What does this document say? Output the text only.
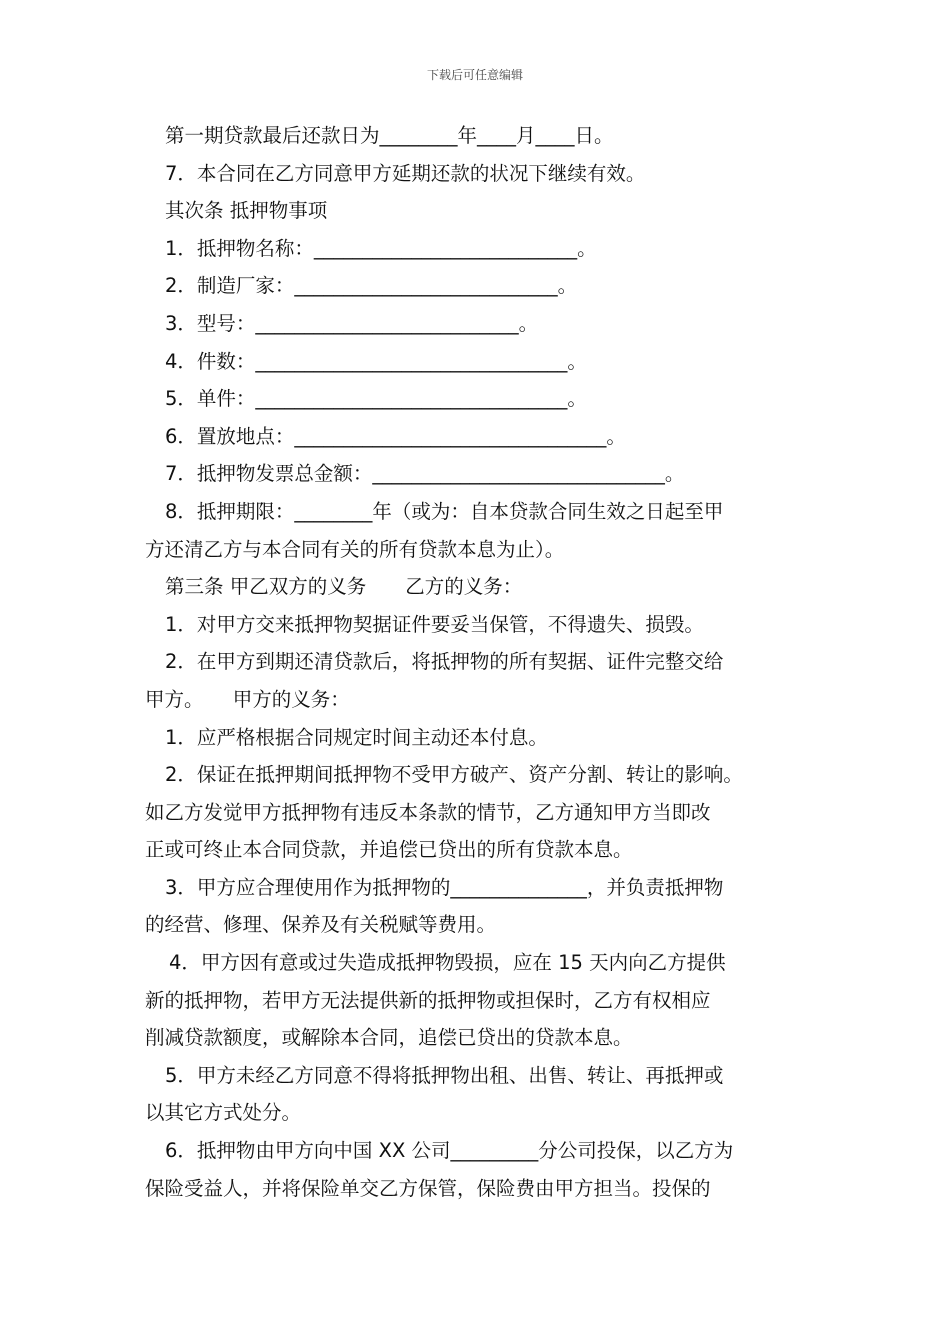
下载后可任意编辑
第一期贷款最后还款日为________年____月____日。
7．本合同在乙方同意甲方延期还款的状况下继续有效。
其次条 抵押物事项
1．抵押物名称：___________________________。
2．制造厂家：___________________________。
3．型号：___________________________。
4．件数：________________________________。
5．单件：________________________________。
6．置放地点：________________________________。
7．抵押物发票总金额：______________________________。
8．抵押期限：________年（或为：自本贷款合同生效之日起至甲
方还清乙方与本合同有关的所有贷款本息为止）。
第三条 甲乙双方的义务　　乙方的义务：
1．对甲方交来抵押物契据证件要妥当保管，不得遗失、损毁。
2．在甲方到期还清贷款后，将抵押物的所有契据、证件完整交给
甲方。　　甲方的义务：
1．应严格根据合同规定时间主动还本付息。
2．保证在抵押期间抵押物不受甲方破产、资产分割、转让的影响。
如乙方发觉甲方抵押物有违反本条款的情节，乙方通知甲方当即改
正或可终止本合同贷款，并追偿已贷出的所有贷款本息。
3．甲方应合理使用作为抵押物的______________，并负责抵押物
的经营、修理、保养及有关税赋等费用。
4．甲方因有意或过失造成抵押物毁损，应在 15 天内向乙方提供
新的抵押物，若甲方无法提供新的抵押物或担保时，乙方有权相应
削减贷款额度，或解除本合同，追偿已贷出的贷款本息。
5．甲方未经乙方同意不得将抵押物出租、出售、转让、再抵押或
以其它方式处分。
6．抵押物由甲方向中国 XX 公司_________分公司投保，以乙方为
保险受益人，并将保险单交乙方保管，保险费由甲方担当。投保的
